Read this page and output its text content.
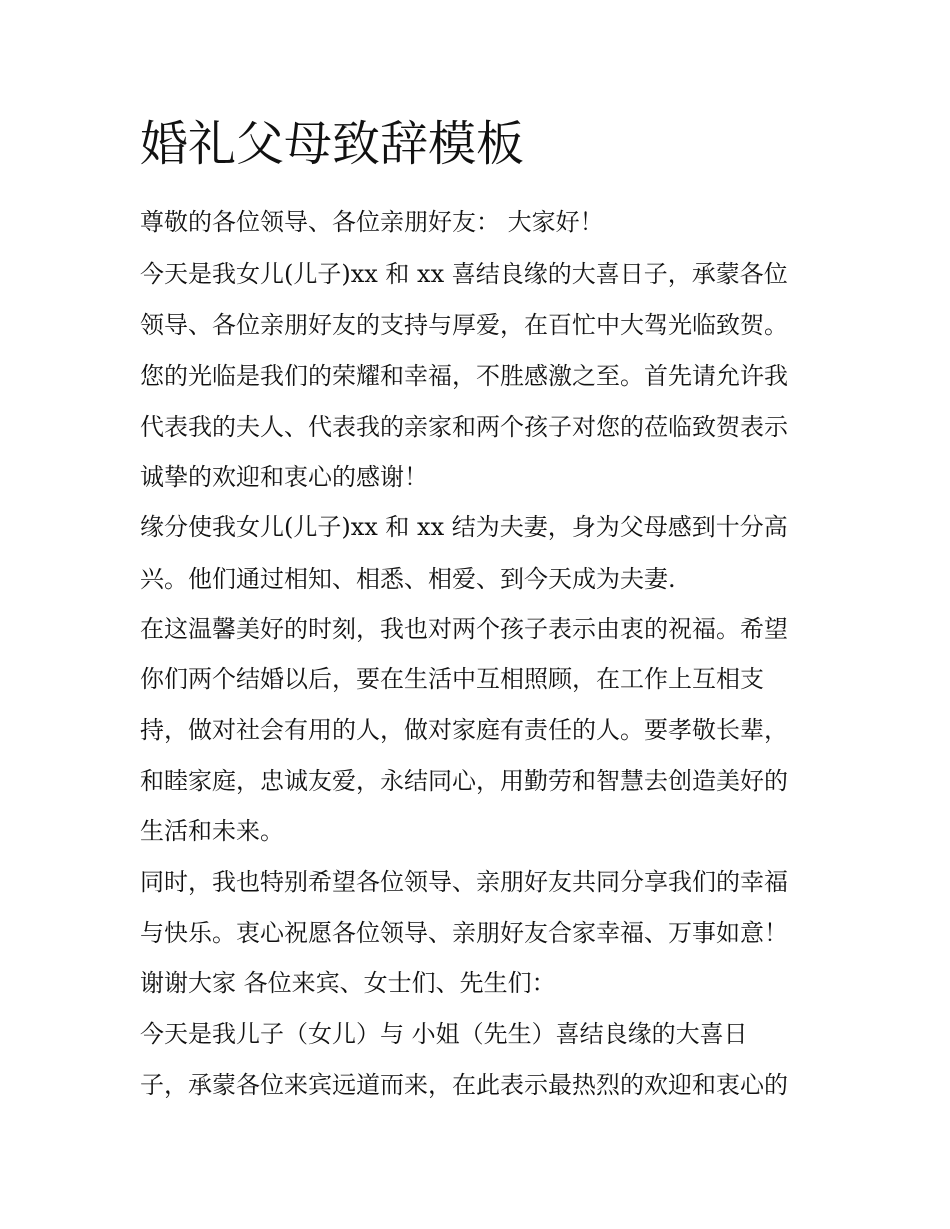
婚礼父母致辞模板

尊敬的各位领导、各位亲朋好友： 大家好！

今天是我女儿(儿子)xx 和 xx 喜结良缘的大喜日子，承蒙各位

领导、各位亲朋好友的支持与厚爱，在百忙中大驾光临致贺。

您的光临是我们的荣耀和幸福，不胜感激之至。首先请允许我

代表我的夫人、代表我的亲家和两个孩子对您的莅临致贺表示

诚挚的欢迎和衷心的感谢！

缘分使我女儿(儿子)xx 和 xx 结为夫妻，身为父母感到十分高

兴。他们通过相知、相悉、相爱、到今天成为夫妻.

在这温馨美好的时刻，我也对两个孩子表示由衷的祝福。希望

你们两个结婚以后，要在生活中互相照顾，在工作上互相支

持，做对社会有用的人，做对家庭有责任的人。要孝敬长辈，

和睦家庭，忠诚友爱，永结同心，用勤劳和智慧去创造美好的

生活和未来。

同时，我也特别希望各位领导、亲朋好友共同分享我们的幸福

与快乐。衷心祝愿各位领导、亲朋好友合家幸福、万事如意！

谢谢大家 各位来宾、女士们、先生们：

今天是我儿子（女儿）与 小姐（先生）喜结良缘的大喜日

子，承蒙各位来宾远道而来，在此表示最热烈的欢迎和衷心的
